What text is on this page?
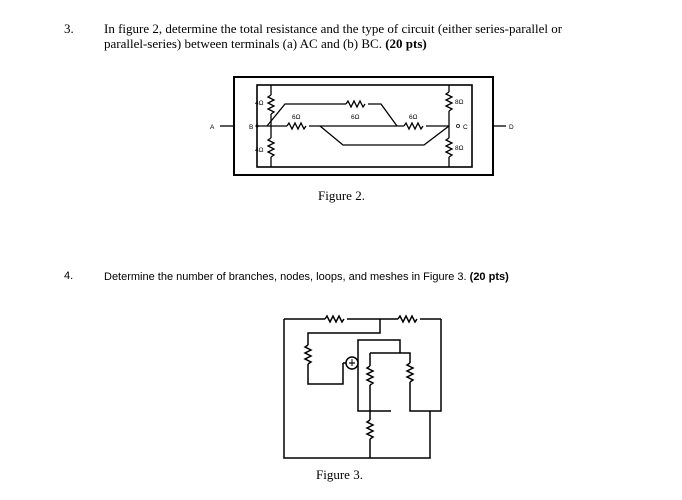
3. In figure 2, determine the total resistance and the type of circuit (either series-parallel or
parallel-series) between terminals (a) AC and (b) BC. (20 pts)
4Ω
4Ω
8Ω
8Ω
6Ω	6Ω	6Ω
A	B	C	D
Figure 2.
4.	Determine the number of branches, nodes, loops, and meshes in Figure 3. (20 pts)
Figure 3.
